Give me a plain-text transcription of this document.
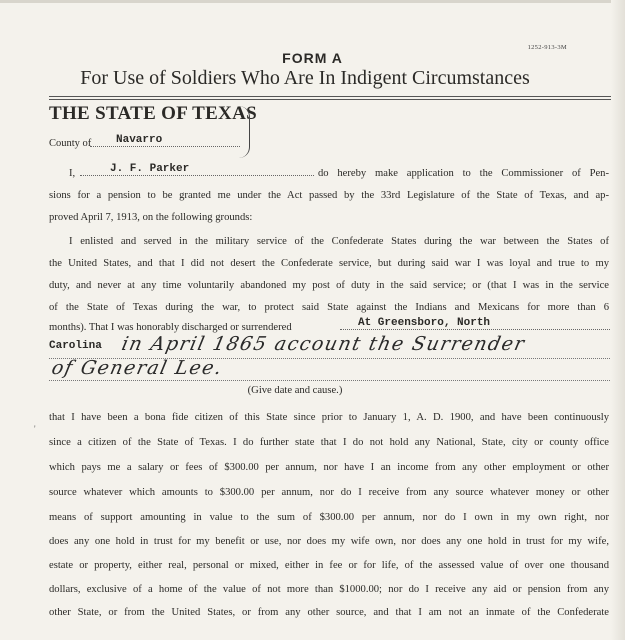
1252-913-3M
FORM A
For Use of Soldiers Who Are In Indigent Circumstances
THE STATE OF TEXAS
County of	Navarro
I,	J. F. Parker	do hereby make application to the Commissioner of Pen-
sions for a pension to be granted me under the Act passed by the 33rd Legislature of the State of Texas, and ap-
proved April 7, 1913, on the following grounds:
I enlisted and served in the military service of the Confederate States during the war between the States of
the United States, and that I did not desert the Confederate service, but during said war I was loyal and true to my
duty, and never at any time voluntarily abandoned my post of duty in the said service; or (that I was in the service
of the State of Texas during the war, to protect said State against the Indians and Mexicans for more than 6
months). That I was honorably discharged or surrendered	At Greensboro, North
Carolina in April 1865 account the Surrender
of General Lee.
(Give date and cause.)
'
that I have been a bona fide citizen of this State since prior to January 1, A. D. 1900, and have been continuously
since a citizen of the State of Texas. I do further state that I do not hold any National, State, city or county office
which pays me a salary or fees of $300.00 per annum, nor have I an income from any other employment or other
source whatever which amounts to $300.00 per annum, nor do I receive from any source whatever money or other
means of support amounting in value to the sum of $300.00 per annum, nor do I own in my own right, nor
does any one hold in trust for my benefit or use, nor does my wife own, nor does any one hold in trust for my wife,
estate or property, either real, personal or mixed, either in fee or for life, of the assessed value of over one thousand
dollars, exclusive of a home of the value of not more than $1000.00; nor do I receive any aid or pension from any
other State, or from the United States, or from any other source, and that I am not an inmate of the Confederate
